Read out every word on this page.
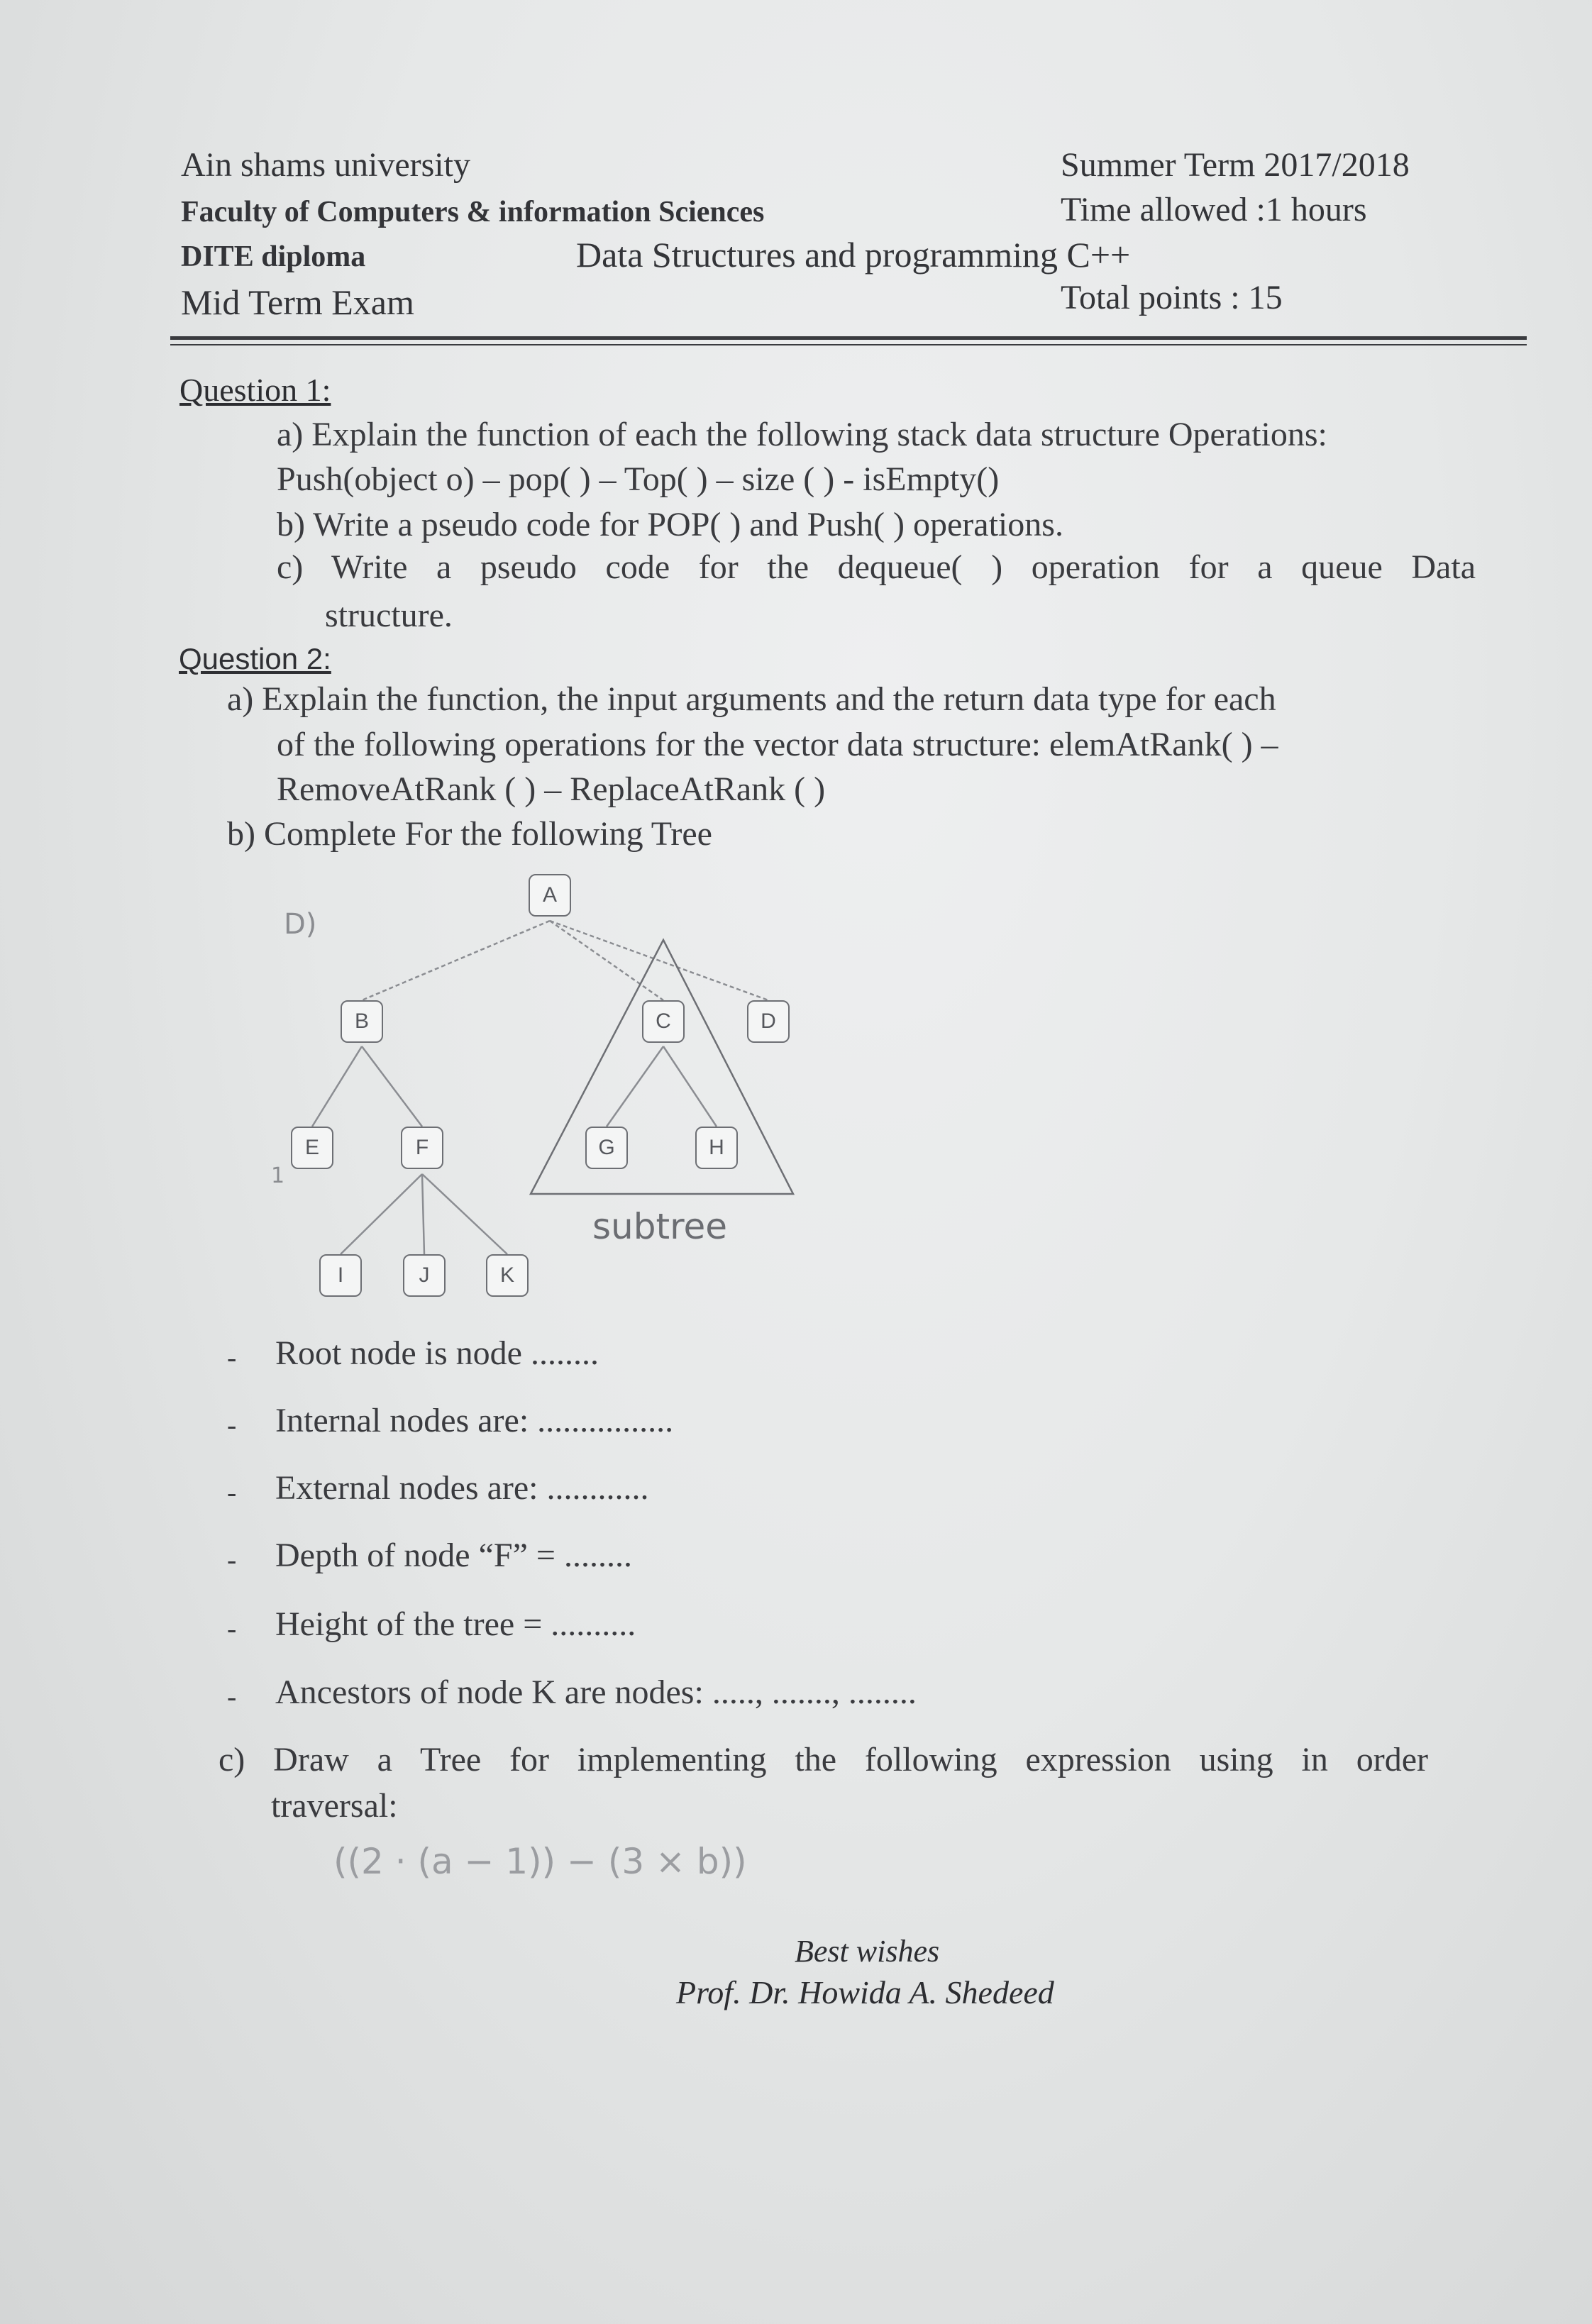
Ain shams university
Faculty of Computers & information Sciences
DITE diploma
Mid Term Exam
Summer Term 2017/2018
Time allowed :1 hours
Data Structures and programming C++
Total points : 15
Question 1:
a) Explain the function of each the following stack data structure Operations:
Push(object o) – pop( ) – Top( ) – size ( ) - isEmpty()
b) Write a pseudo code for POP( ) and Push( ) operations.
c) Write a pseudo code for the dequeue( ) operation for a queue Data
structure.
Question 2:
a) Explain the function, the input arguments and the return data type for each
of the following operations for the vector data structure: elemAtRank( ) –
RemoveAtRank ( ) – ReplaceAtRank ( )
b) Complete For the following Tree
A
B	C	D
E	F	G	H
I	J	K
subtree
D)
1
- Root node is node ........
- Internal nodes are: ................
- External nodes are: ............
- Depth of node “F” = ........
- Height of the tree = ..........
- Ancestors of node K are nodes: ....., ......., ........
c) Draw a Tree for implementing the following expression using in order
traversal:
((2 · (a − 1)) − (3 × b))
Best wishes
Prof. Dr. Howida A. Shedeed
